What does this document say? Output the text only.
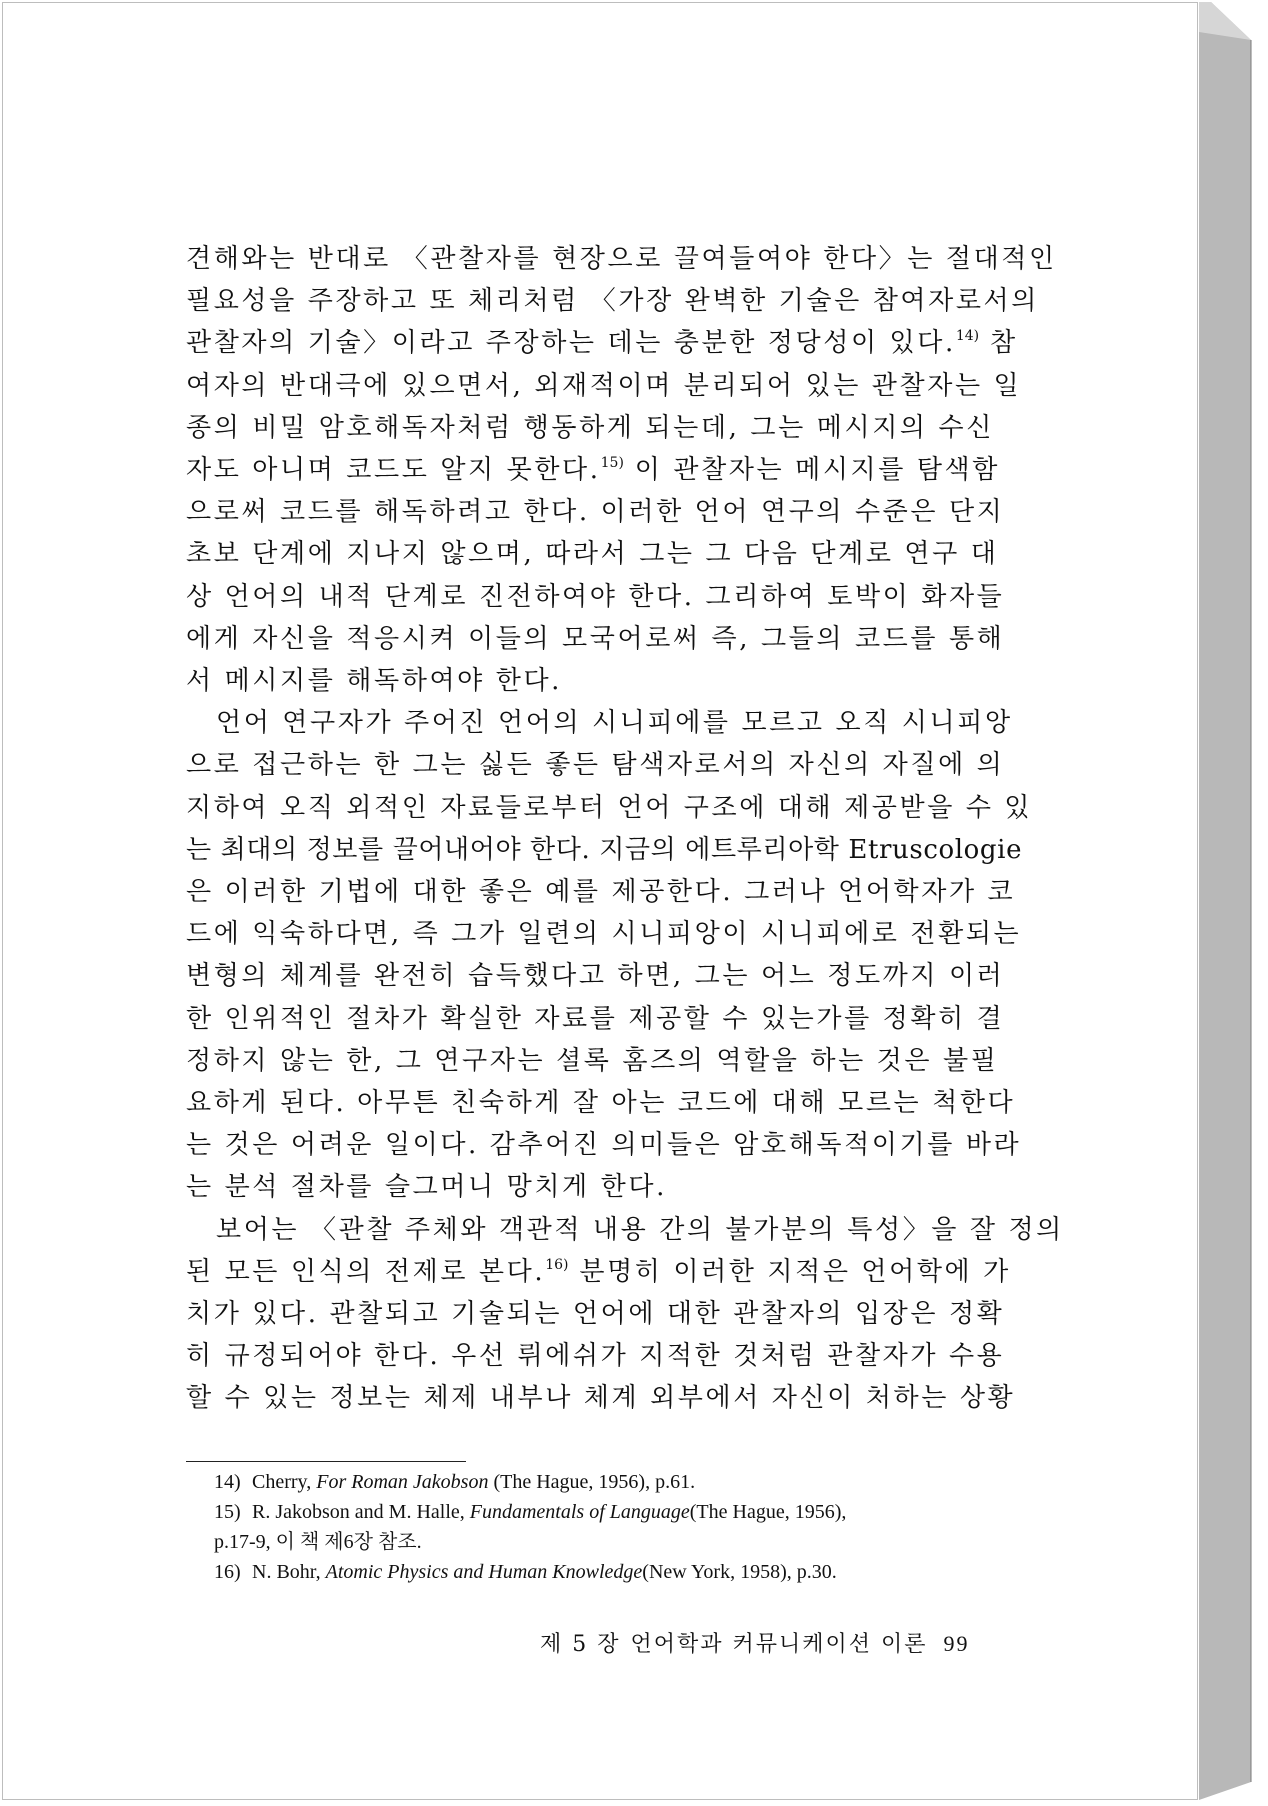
견해와는 반대로 〈관찰자를 현장으로 끌여들여야 한다〉는 절대적인

필요성을 주장하고 또 체리처럼 〈가장 완벽한 기술은 참여자로서의

관찰자의 기술〉이라고 주장하는 데는 충분한 정당성이 있다.$^{14)}$ 참

여자의 반대극에 있으면서, 외재적이며 분리되어 있는 관찰자는 일

종의 비밀 암호해독자처럼 행동하게 되는데, 그는 메시지의 수신

자도 아니며 코드도 알지 못한다.$^{15)}$ 이 관찰자는 메시지를 탐색함

으로써 코드를 해독하려고 한다. 이러한 언어 연구의 수준은 단지

초보 단계에 지나지 않으며, 따라서 그는 그 다음 단계로 연구 대

상 언어의 내적 단계로 진전하여야 한다. 그리하여 토박이 화자들

에게 자신을 적응시켜 이들의 모국어로써 즉, 그들의 코드를 통해

서 메시지를 해독하여야 한다.

언어 연구자가 주어진 언어의 시니피에를 모르고 오직 시니피앙

으로 접근하는 한 그는 싫든 좋든 탐색자로서의 자신의 자질에 의

지하여 오직 외적인 자료들로부터 언어 구조에 대해 제공받을 수 있

는 최대의 정보를 끌어내어야 한다. 지금의 에트루리아학 Etruscologie

은 이러한 기법에 대한 좋은 예를 제공한다. 그러나 언어학자가 코

드에 익숙하다면, 즉 그가 일련의 시니피앙이 시니피에로 전환되는

변형의 체계를 완전히 습득했다고 하면, 그는 어느 정도까지 이러

한 인위적인 절차가 확실한 자료를 제공할 수 있는가를 정확히 결

정하지 않는 한, 그 연구자는 셜록 홈즈의 역할을 하는 것은 불필

요하게 된다. 아무튼 친숙하게 잘 아는 코드에 대해 모르는 척한다

는 것은 어려운 일이다. 감추어진 의미들은 암호해독적이기를 바라

는 분석 절차를 슬그머니 망치게 한다.

보어는 〈관찰 주체와 객관적 내용 간의 불가분의 특성〉을 잘 정의

된 모든 인식의 전제로 본다.$^{16)}$ 분명히 이러한 지적은 언어학에 가

치가 있다. 관찰되고 기술되는 언어에 대한 관찰자의 입장은 정확

히 규정되어야 한다. 우선 뤼에쉬가 지적한 것처럼 관찰자가 수용

할 수 있는 정보는 체제 내부나 체계 외부에서 자신이 처하는 상황

14) Cherry, For Roman Jakobson (The Hague, 1956), p.61.
15) R. Jakobson and M. Halle, Fundamentals of Language(The Hague, 1956),
p.17-9, 이 책 제6장 참조.
16) N. Bohr, Atomic Physics and Human Knowledge(New York, 1958), p.30.
제 5 장 언어학과 커뮤니케이션 이론 99
